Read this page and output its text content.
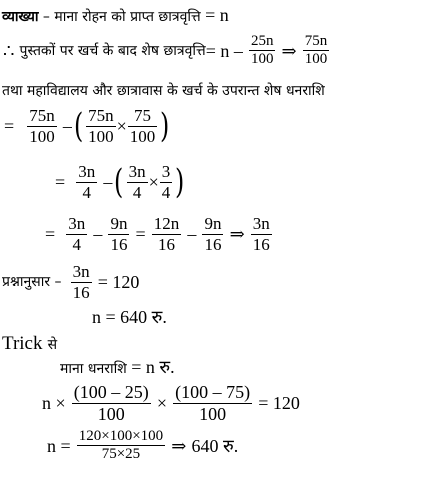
व्याख्या – माना रोहन को प्राप्त छात्रवृत्ति = n
∴ पुस्तकों पर खर्च के बाद शेष छात्रवृत्ति= n – $\frac{25n}{100}$ ⇒ $\frac{75n}{100}$
तथा महाविद्यालय और छात्रावास के खर्च के उपरान्त शेष धनराशि
= $\frac{75n}{100}$ –( $\frac{75n}{100} \times \frac{75}{100}$ )
= $\frac{3n}{4}$ –( $\frac{3n}{4} \times \frac{3}{4}$ )
= $\frac{3n}{4} - \frac{9n}{16} = \frac{12n}{16} - \frac{9n}{16}$ ⇒ $\frac{3n}{16}$
प्रश्नानुसार – $\frac{3n}{16} = 120$
n = 640 रु.
Trick से
माना धनराशि = n रु.
$n \times \frac{(100 - 25)}{100} \times \frac{(100 - 75)}{100} = 120$
$n = \frac{120\times 100\times 100}{75\times 25}$ ⇒ 640 रु.
